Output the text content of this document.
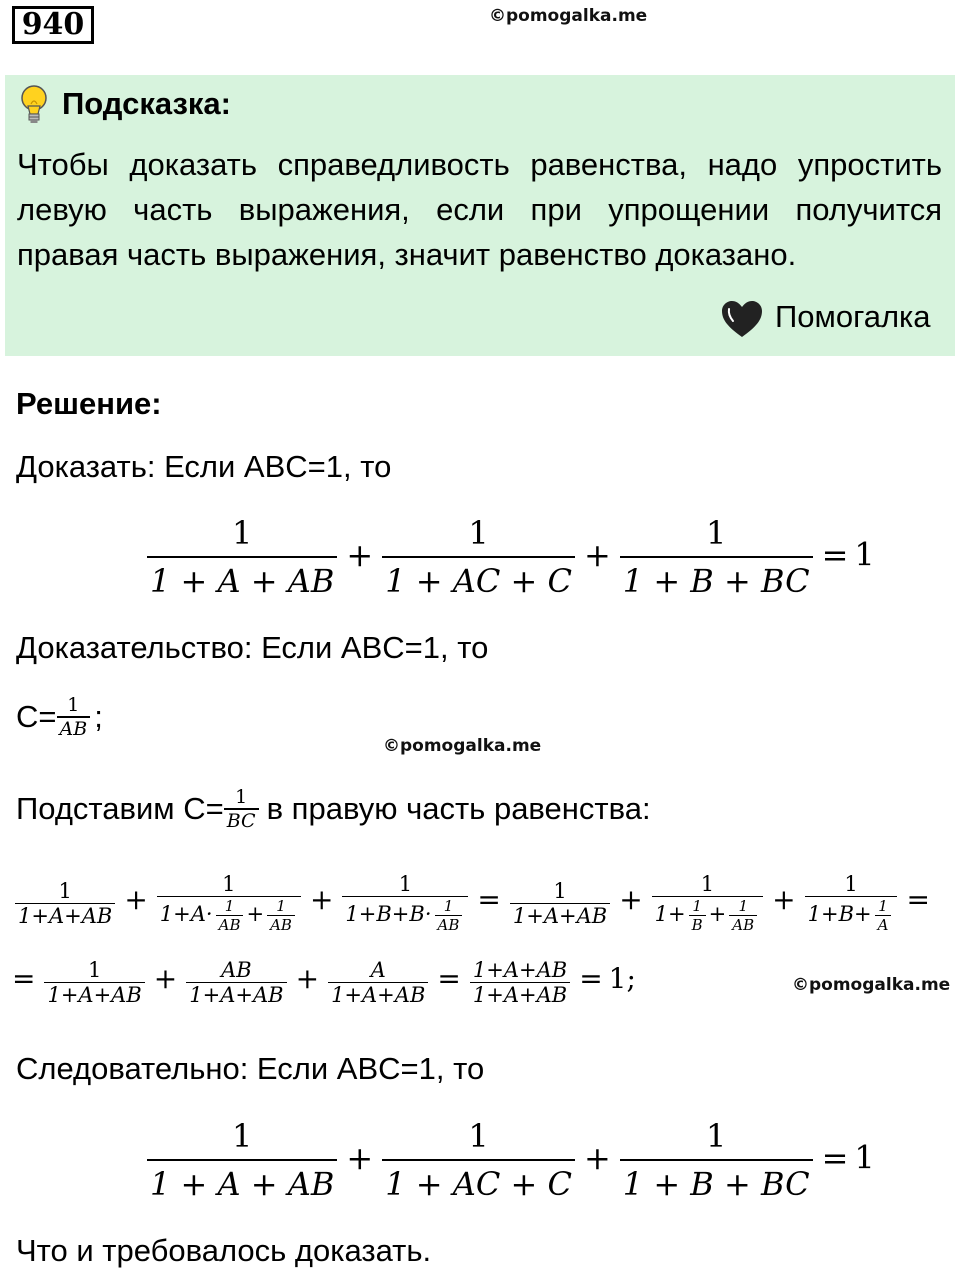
940	©pomogalka.me
Подсказка:
Чтобы доказать справедливость равенства, надо упростить левую часть выражения, если при упрощении получится правая часть выражения, значит равенство доказано.
Помогалка
Решение:
Доказать: Если ABC=1, то
$\frac{1}{1 + A + AB} + \frac{1}{1 + AC + C} + \frac{1}{1 + B + BC} = 1$
Доказательство: Если ABC=1, то
$C= \frac{1}{AB}$ ;
©pomogalka.me
Подставим $C= \frac{1}{BC}$ в правую часть равенства:
$\frac{1}{1+A+AB} + \frac{1}{1+A\cdot \frac{1}{AB} + \frac{1}{AB}} + \frac{1}{1+B+B\cdot \frac{1}{AB}} = \frac{1}{1+A+AB} + \frac{1}{1+ \frac{1}{B} + \frac{1}{AB}} + \frac{1}{1+B+ \frac{1}{A}}$ =
= $\frac{1}{1+A+AB} + \frac{AB}{1+A+AB} + \frac{A}{1+A+AB} = \frac{1+A+AB}{1+A+AB} = 1$;	©pomogalka.me
Следовательно: Если ABC=1, то
$\frac{1}{1 + A + AB} + \frac{1}{1 + AC + C} + \frac{1}{1 + B + BC} = 1$
Что и требовалось доказать.
